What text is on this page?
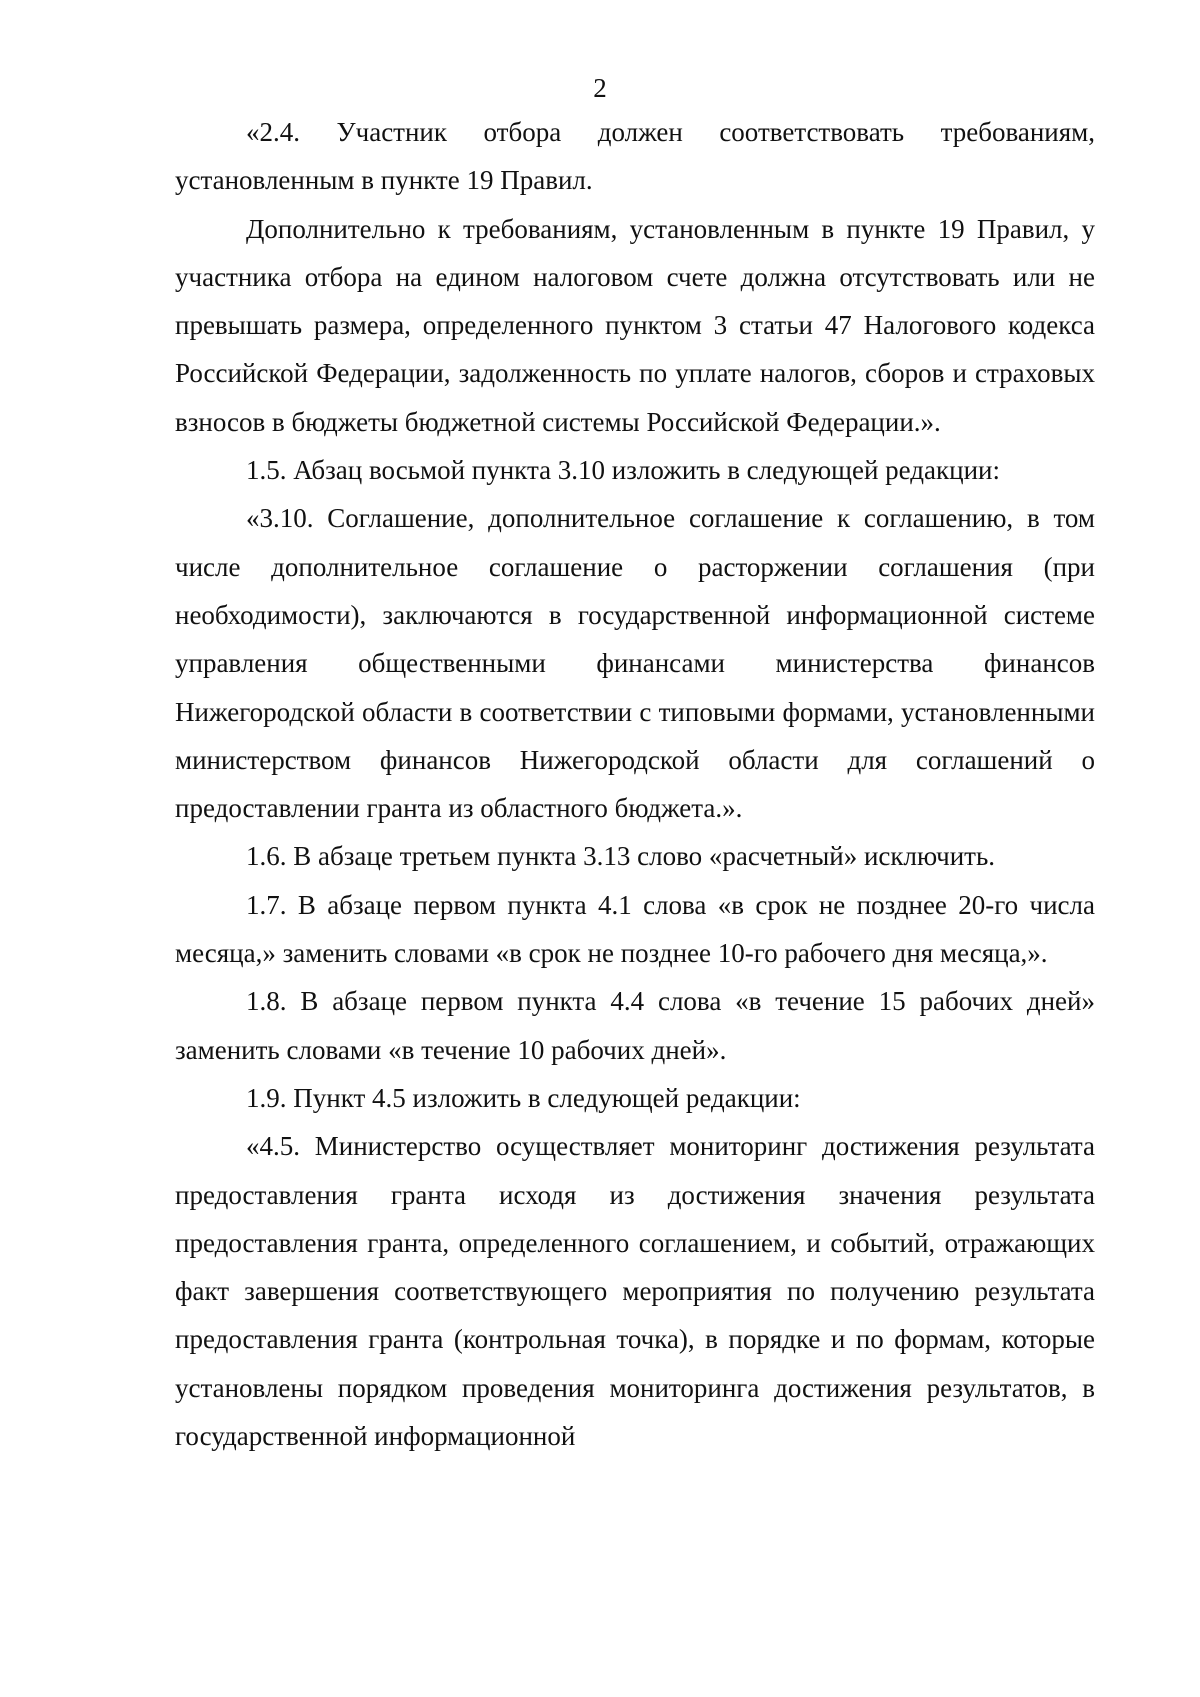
2

«2.4. Участник отбора должен соответствовать требованиям, установленным в пункте 19 Правил.

Дополнительно к требованиям, установленным в пункте 19 Правил, у участника отбора на едином налоговом счете должна отсутствовать или не превышать размера, определенного пунктом 3 статьи 47 Налогового кодекса Российской Федерации, задолженность по уплате налогов, сборов и страховых взносов в бюджеты бюджетной системы Российской Федерации.».

1.5. Абзац восьмой пункта 3.10 изложить в следующей редакции:

«3.10. Соглашение, дополнительное соглашение к соглашению, в том числе дополнительное соглашение о расторжении соглашения (при необходимости), заключаются в государственной информационной системе управления общественными финансами министерства финансов Нижегородской области в соответствии с типовыми формами, установленными министерством финансов Нижегородской области для соглашений о предоставлении гранта из областного бюджета.».

1.6. В абзаце третьем пункта 3.13 слово «расчетный» исключить.

1.7. В абзаце первом пункта 4.1 слова «в срок не позднее 20-го числа месяца,» заменить словами «в срок не позднее 10-го рабочего дня месяца,».

1.8. В абзаце первом пункта 4.4 слова «в течение 15 рабочих дней» заменить словами «в течение 10 рабочих дней».

1.9. Пункт 4.5 изложить в следующей редакции:

«4.5. Министерство осуществляет мониторинг достижения результата предоставления гранта исходя из достижения значения результата предоставления гранта, определенного соглашением, и событий, отражающих факт завершения соответствующего мероприятия по получению результата предоставления гранта (контрольная точка), в порядке и по формам, которые установлены порядком проведения мониторинга достижения результатов, в государственной информационной
